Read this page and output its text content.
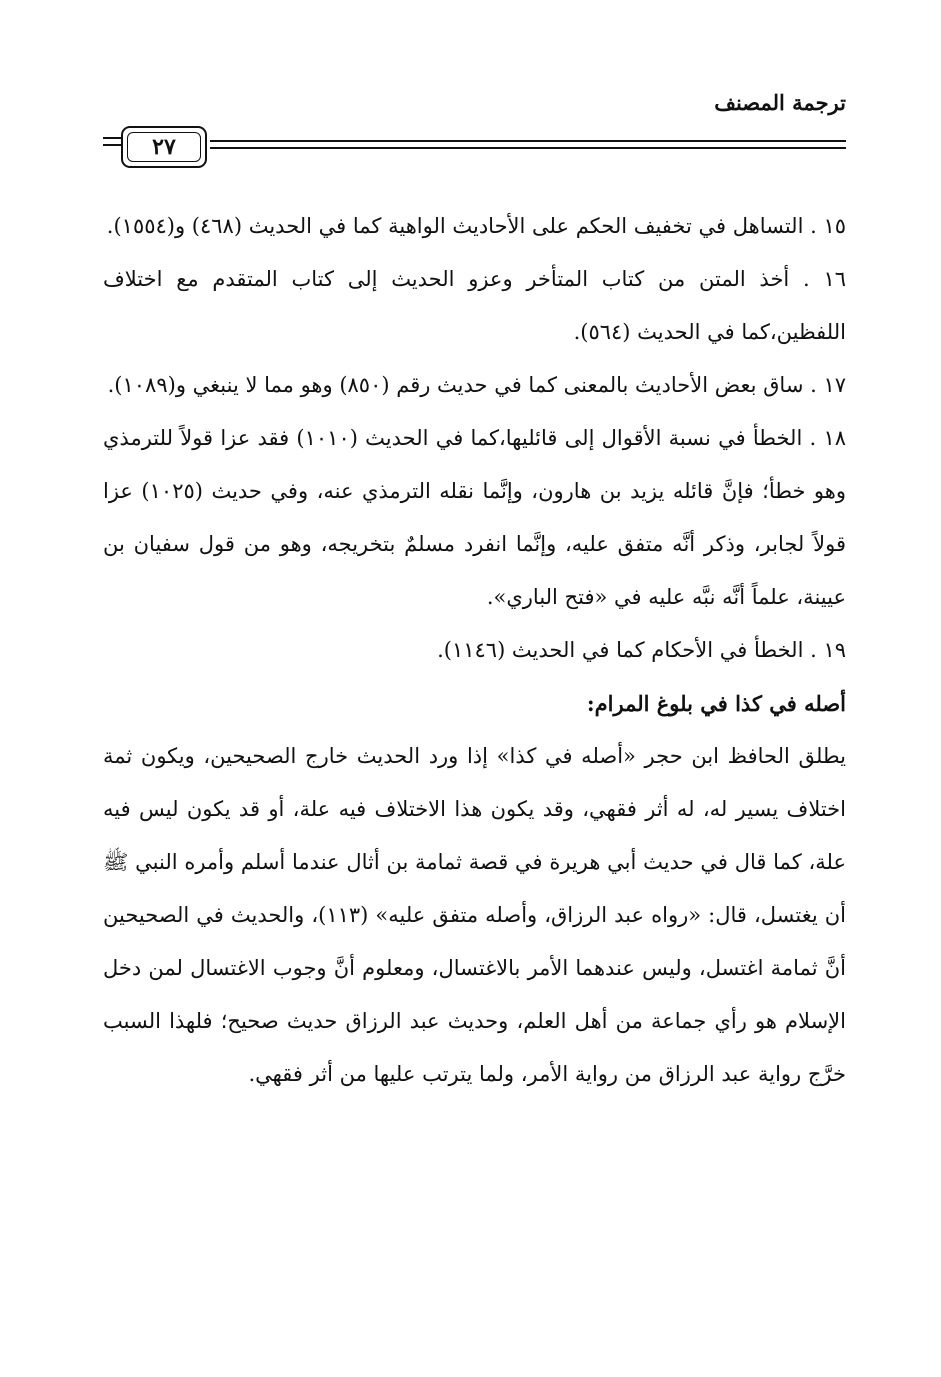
ترجمة المصنف
٢٧

١٥ . التساهل في تخفيف الحكم على الأحاديث الواهية كما في الحديث (٤٦٨) و(١٥٥٤).

١٦ . أخذ المتن من كتاب المتأخر وعزو الحديث إلى كتاب المتقدم مع اختلاف اللفظين،كما في الحديث (٥٦٤).

١٧ . ساق بعض الأحاديث بالمعنى كما في حديث رقم (٨٥٠) وهو مما لا ينبغي و(١٠٨٩).

١٨ . الخطأ في نسبة الأقوال إلى قائليها،كما في الحديث (١٠١٠) فقد عزا قولاً للترمذي وهو خطأ؛ فإنَّ قائله يزيد بن هارون، وإنَّما نقله الترمذي عنه، وفي حديث (١٠٢٥) عزا قولاً لجابر، وذكر أنَّه متفق عليه، وإنَّما انفرد مسلمٌ بتخريجه، وهو من قول سفيان بن عيينة، علماً أنَّه نبَّه عليه في «فتح الباري».

١٩ . الخطأ في الأحكام كما في الحديث (١١٤٦).

أصله في كذا في بلوغ المرام:

يطلق الحافظ ابن حجر «أصله في كذا» إذا ورد الحديث خارج الصحيحين، ويكون ثمة اختلاف يسير له، له أثر فقهي، وقد يكون هذا الاختلاف فيه علة، أو قد يكون ليس فيه علة، كما قال في حديث أبي هريرة في قصة ثمامة بن أثال عندما أسلم وأمره النبي ﷺ أن يغتسل، قال: «رواه عبد الرزاق، وأصله متفق عليه» (١١٣)، والحديث في الصحيحين أنَّ ثمامة اغتسل، وليس عندهما الأمر بالاغتسال، ومعلوم أنَّ وجوب الاغتسال لمن دخل الإسلام هو رأي جماعة من أهل العلم، وحديث عبد الرزاق حديث صحيح؛ فلهذا السبب خرَّج رواية عبد الرزاق من رواية الأمر، ولما يترتب عليها من أثر فقهي.
